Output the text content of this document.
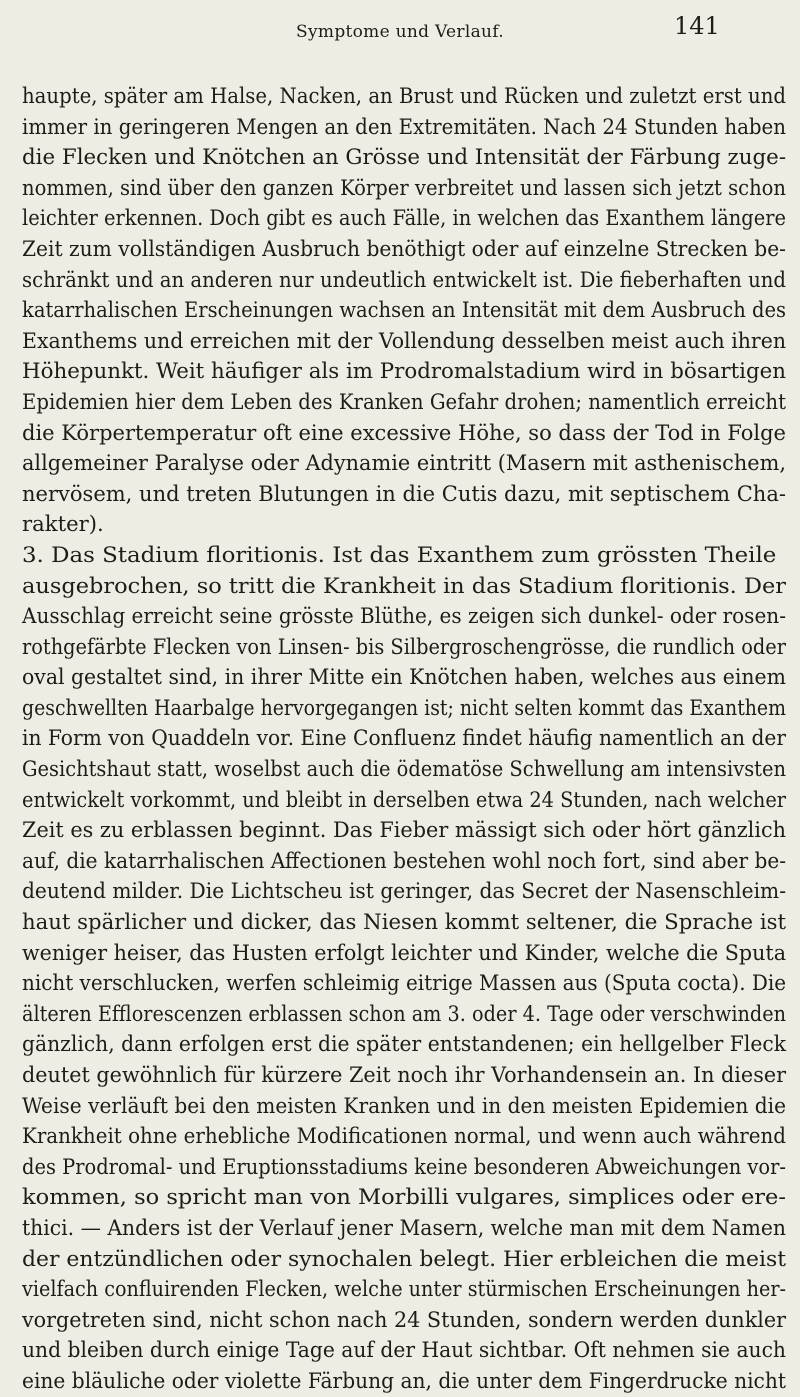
Symptome und Verlauf.	141
haupte, später am Halse, Nacken, an Brust und Rücken und zuletzt erst und
immer in geringeren Mengen an den Extremitäten. Nach 24 Stunden haben
die Flecken und Knötchen an Grösse und Intensität der Färbung zuge-
nommen, sind über den ganzen Körper verbreitet und lassen sich jetzt schon
leichter erkennen. Doch gibt es auch Fälle, in welchen das Exanthem längere
Zeit zum vollständigen Ausbruch benöthigt oder auf einzelne Strecken be-
schränkt und an anderen nur undeutlich entwickelt ist. Die fieberhaften und
katarrhalischen Erscheinungen wachsen an Intensität mit dem Ausbruch des
Exanthems und erreichen mit der Vollendung desselben meist auch ihren
Höhepunkt. Weit häufiger als im Prodromalstadium wird in bösartigen
Epidemien hier dem Leben des Kranken Gefahr drohen; namentlich erreicht
die Körpertemperatur oft eine excessive Höhe, so dass der Tod in Folge
allgemeiner Paralyse oder Adynamie eintritt (Masern mit asthenischem,
nervösem, und treten Blutungen in die Cutis dazu, mit septischem Cha-
rakter).
3. Das Stadium floritionis. Ist das Exanthem zum grössten Theile
ausgebrochen, so tritt die Krankheit in das Stadium floritionis. Der
Ausschlag erreicht seine grösste Blüthe, es zeigen sich dunkel- oder rosen-
rothgefärbte Flecken von Linsen- bis Silbergroschengrösse, die rundlich oder
oval gestaltet sind, in ihrer Mitte ein Knötchen haben, welches aus einem
geschwellten Haarbalge hervorgegangen ist; nicht selten kommt das Exanthem
in Form von Quaddeln vor. Eine Confluenz findet häufig namentlich an der
Gesichtshaut statt, woselbst auch die ödematöse Schwellung am intensivsten
entwickelt vorkommt, und bleibt in derselben etwa 24 Stunden, nach welcher
Zeit es zu erblassen beginnt. Das Fieber mässigt sich oder hört gänzlich
auf, die katarrhalischen Affectionen bestehen wohl noch fort, sind aber be-
deutend milder. Die Lichtscheu ist geringer, das Secret der Nasenschleim-
haut spärlicher und dicker, das Niesen kommt seltener, die Sprache ist
weniger heiser, das Husten erfolgt leichter und Kinder, welche die Sputa
nicht verschlucken, werfen schleimig eitrige Massen aus (Sputa cocta). Die
älteren Efflorescenzen erblassen schon am 3. oder 4. Tage oder verschwinden
gänzlich, dann erfolgen erst die später entstandenen; ein hellgelber Fleck
deutet gewöhnlich für kürzere Zeit noch ihr Vorhandensein an. In dieser
Weise verläuft bei den meisten Kranken und in den meisten Epidemien die
Krankheit ohne erhebliche Modificationen normal, und wenn auch während
des Prodromal- und Eruptionsstadiums keine besonderen Abweichungen vor-
kommen, so spricht man von Morbilli vulgares, simplices oder ere-
thici. — Anders ist der Verlauf jener Masern, welche man mit dem Namen
der entzündlichen oder synochalen belegt. Hier erbleichen die meist
vielfach confluirenden Flecken, welche unter stürmischen Erscheinungen her-
vorgetreten sind, nicht schon nach 24 Stunden, sondern werden dunkler
und bleiben durch einige Tage auf der Haut sichtbar. Oft nehmen sie auch
eine bläuliche oder violette Färbung an, die unter dem Fingerdrucke nicht
